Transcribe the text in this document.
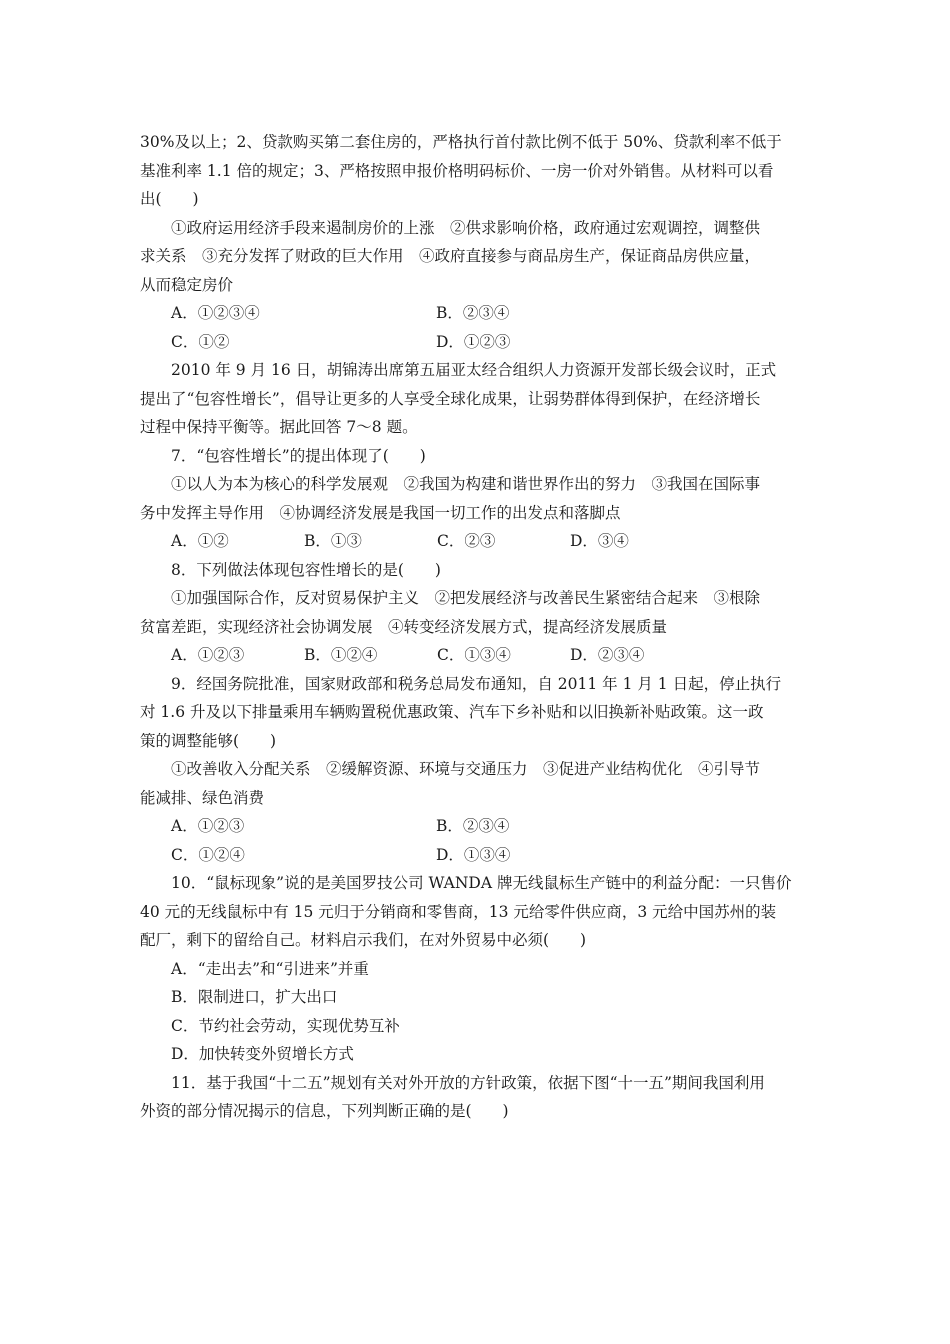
30%及以上；2、贷款购买第二套住房的，严格执行首付款比例不低于 50%、贷款利率不低于

基准利率 1.1 倍的规定；3、严格按照申报价格明码标价、一房一价对外销售。从材料可以看

出(　　)

①政府运用经济手段来遏制房价的上涨　②供求影响价格，政府通过宏观调控，调整供

求关系　③充分发挥了财政的巨大作用　④政府直接参与商品房生产，保证商品房供应量，

从而稳定房价

A．①②③④	B．②③④
C．①②	D．①②③

2010 年 9 月 16 日，胡锦涛出席第五届亚太经合组织人力资源开发部长级会议时，正式

提出了“包容性增长”，倡导让更多的人享受全球化成果，让弱势群体得到保护，在经济增长

过程中保持平衡等。据此回答 7～8 题。

7．“包容性增长”的提出体现了(　　)

①以人为本为核心的科学发展观　②我国为构建和谐世界作出的努力　③我国在国际事

务中发挥主导作用　④协调经济发展是我国一切工作的出发点和落脚点

A．①②	B．①③	C．②③	D．③④

8．下列做法体现包容性增长的是(　　)

①加强国际合作，反对贸易保护主义　②把发展经济与改善民生紧密结合起来　③根除

贫富差距，实现经济社会协调发展　④转变经济发展方式，提高经济发展质量

A．①②③	B．①②④	C．①③④	D．②③④

9．经国务院批准，国家财政部和税务总局发布通知，自 2011 年 1 月 1 日起，停止执行

对 1.6 升及以下排量乘用车辆购置税优惠政策、汽车下乡补贴和以旧换新补贴政策。这一政

策的调整能够(　　)

①改善收入分配关系　②缓解资源、环境与交通压力　③促进产业结构优化　④引导节

能减排、绿色消费

A．①②③	B．②③④
C．①②④	D．①③④

10．“鼠标现象”说的是美国罗技公司 WANDA 牌无线鼠标生产链中的利益分配：一只售价

40 元的无线鼠标中有 15 元归于分销商和零售商，13 元给零件供应商，3 元给中国苏州的装

配厂，剩下的留给自己。材料启示我们，在对外贸易中必须(　　)

A．“走出去”和“引进来”并重
B．限制进口，扩大出口
C．节约社会劳动，实现优势互补
D．加快转变外贸增长方式

11．基于我国“十二五”规划有关对外开放的方针政策，依据下图“十一五”期间我国利用

外资的部分情况揭示的信息，下列判断正确的是(　　)
